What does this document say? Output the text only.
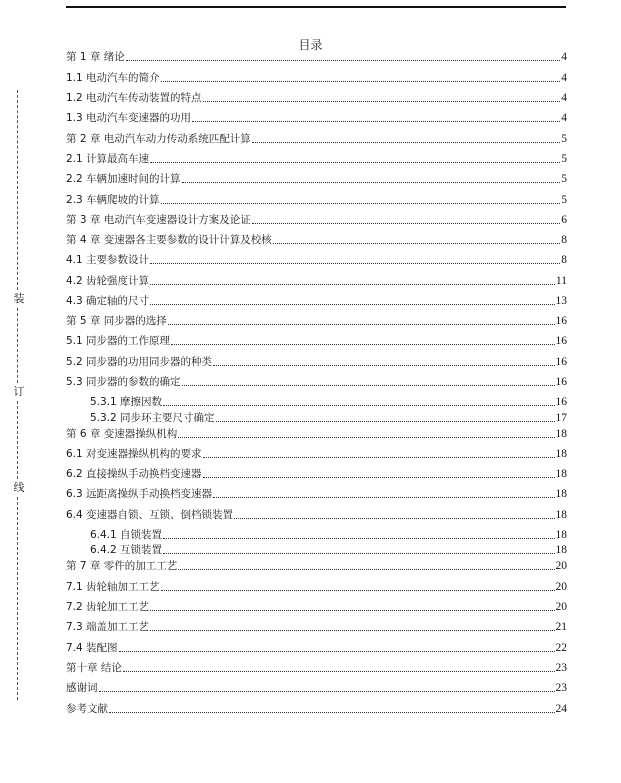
装
订
线
目录
第 1 章 绪论	4
1.1 电动汽车的简介	4
1.2 电动汽车传动装置的特点	4
1.3 电动汽车变速器的功用	4
第 2 章 电动汽车动力传动系统匹配计算	5
2.1 计算最高车速	5
2.2 车辆加速时间的计算	5
2.3 车辆爬坡的计算	5
第 3 章 电动汽车变速器设计方案及论证	6
第 4 章 变速器各主要参数的设计计算及校核	8
4.1 主要参数设计	8
4.2 齿轮强度计算	11
4.3 确定轴的尺寸	13
第 5 章 同步器的选择	16
5.1 同步器的工作原理	16
5.2 同步器的功用同步器的种类	16
5.3 同步器的参数的确定	16
5.3.1 摩擦因数	16
5.3.2 同步环主要尺寸确定	17
第 6 章 变速器操纵机构	18
6.1 对变速器操纵机构的要求	18
6.2 直接操纵手动换档变速器	18
6.3 远距离操纵手动换档变速器	18
6.4 变速器自锁、互锁、倒档锁装置	18
6.4.1 自锁装置	18
6.4.2 互锁装置	18
第 7 章 零件的加工工艺	20
7.1 齿轮轴加工工艺	20
7.2 齿轮加工工艺	20
7.3 端盖加工工艺	21
7.4 装配图	22
第十章 结论	23
感谢词	23
参考文献	24
